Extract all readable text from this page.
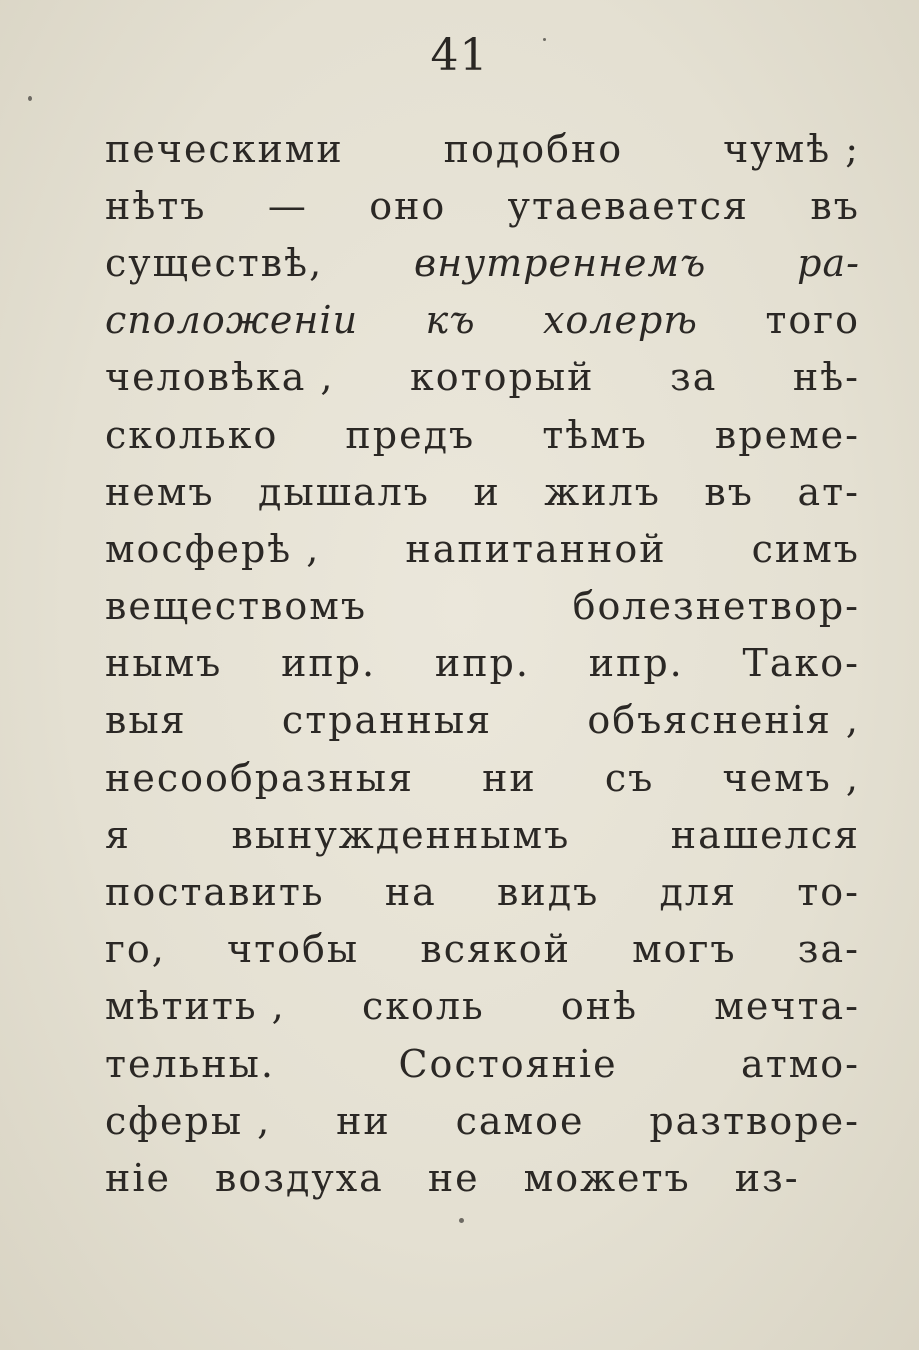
41
печескими	подобно	чумѣ ;
нѣтъ — оно утаевается въ
существѣ, внутреннемъ ра-
сположеніи къ холерѣ того
человѣка , который за нѣ-
сколько предъ тѣмъ време-
немъ дышалъ и жилъ въ ат-
мосферѣ , напитанной симъ
веществомъ	болезнетвор-
нымъ ипр. ипр. ипр. Тако-
выя	странныя	объясненія ,
несообразныя ни съ чемъ ,
я	вынужденнымъ	нашелся
поставить на видъ для то-
го, чтобы всякой могъ за-
мѣтить , сколь онѣ мечта-
тельны.	Состояніе	атмо-
сферы , ни самое разтворе-
ніе воздуха не можетъ из-
